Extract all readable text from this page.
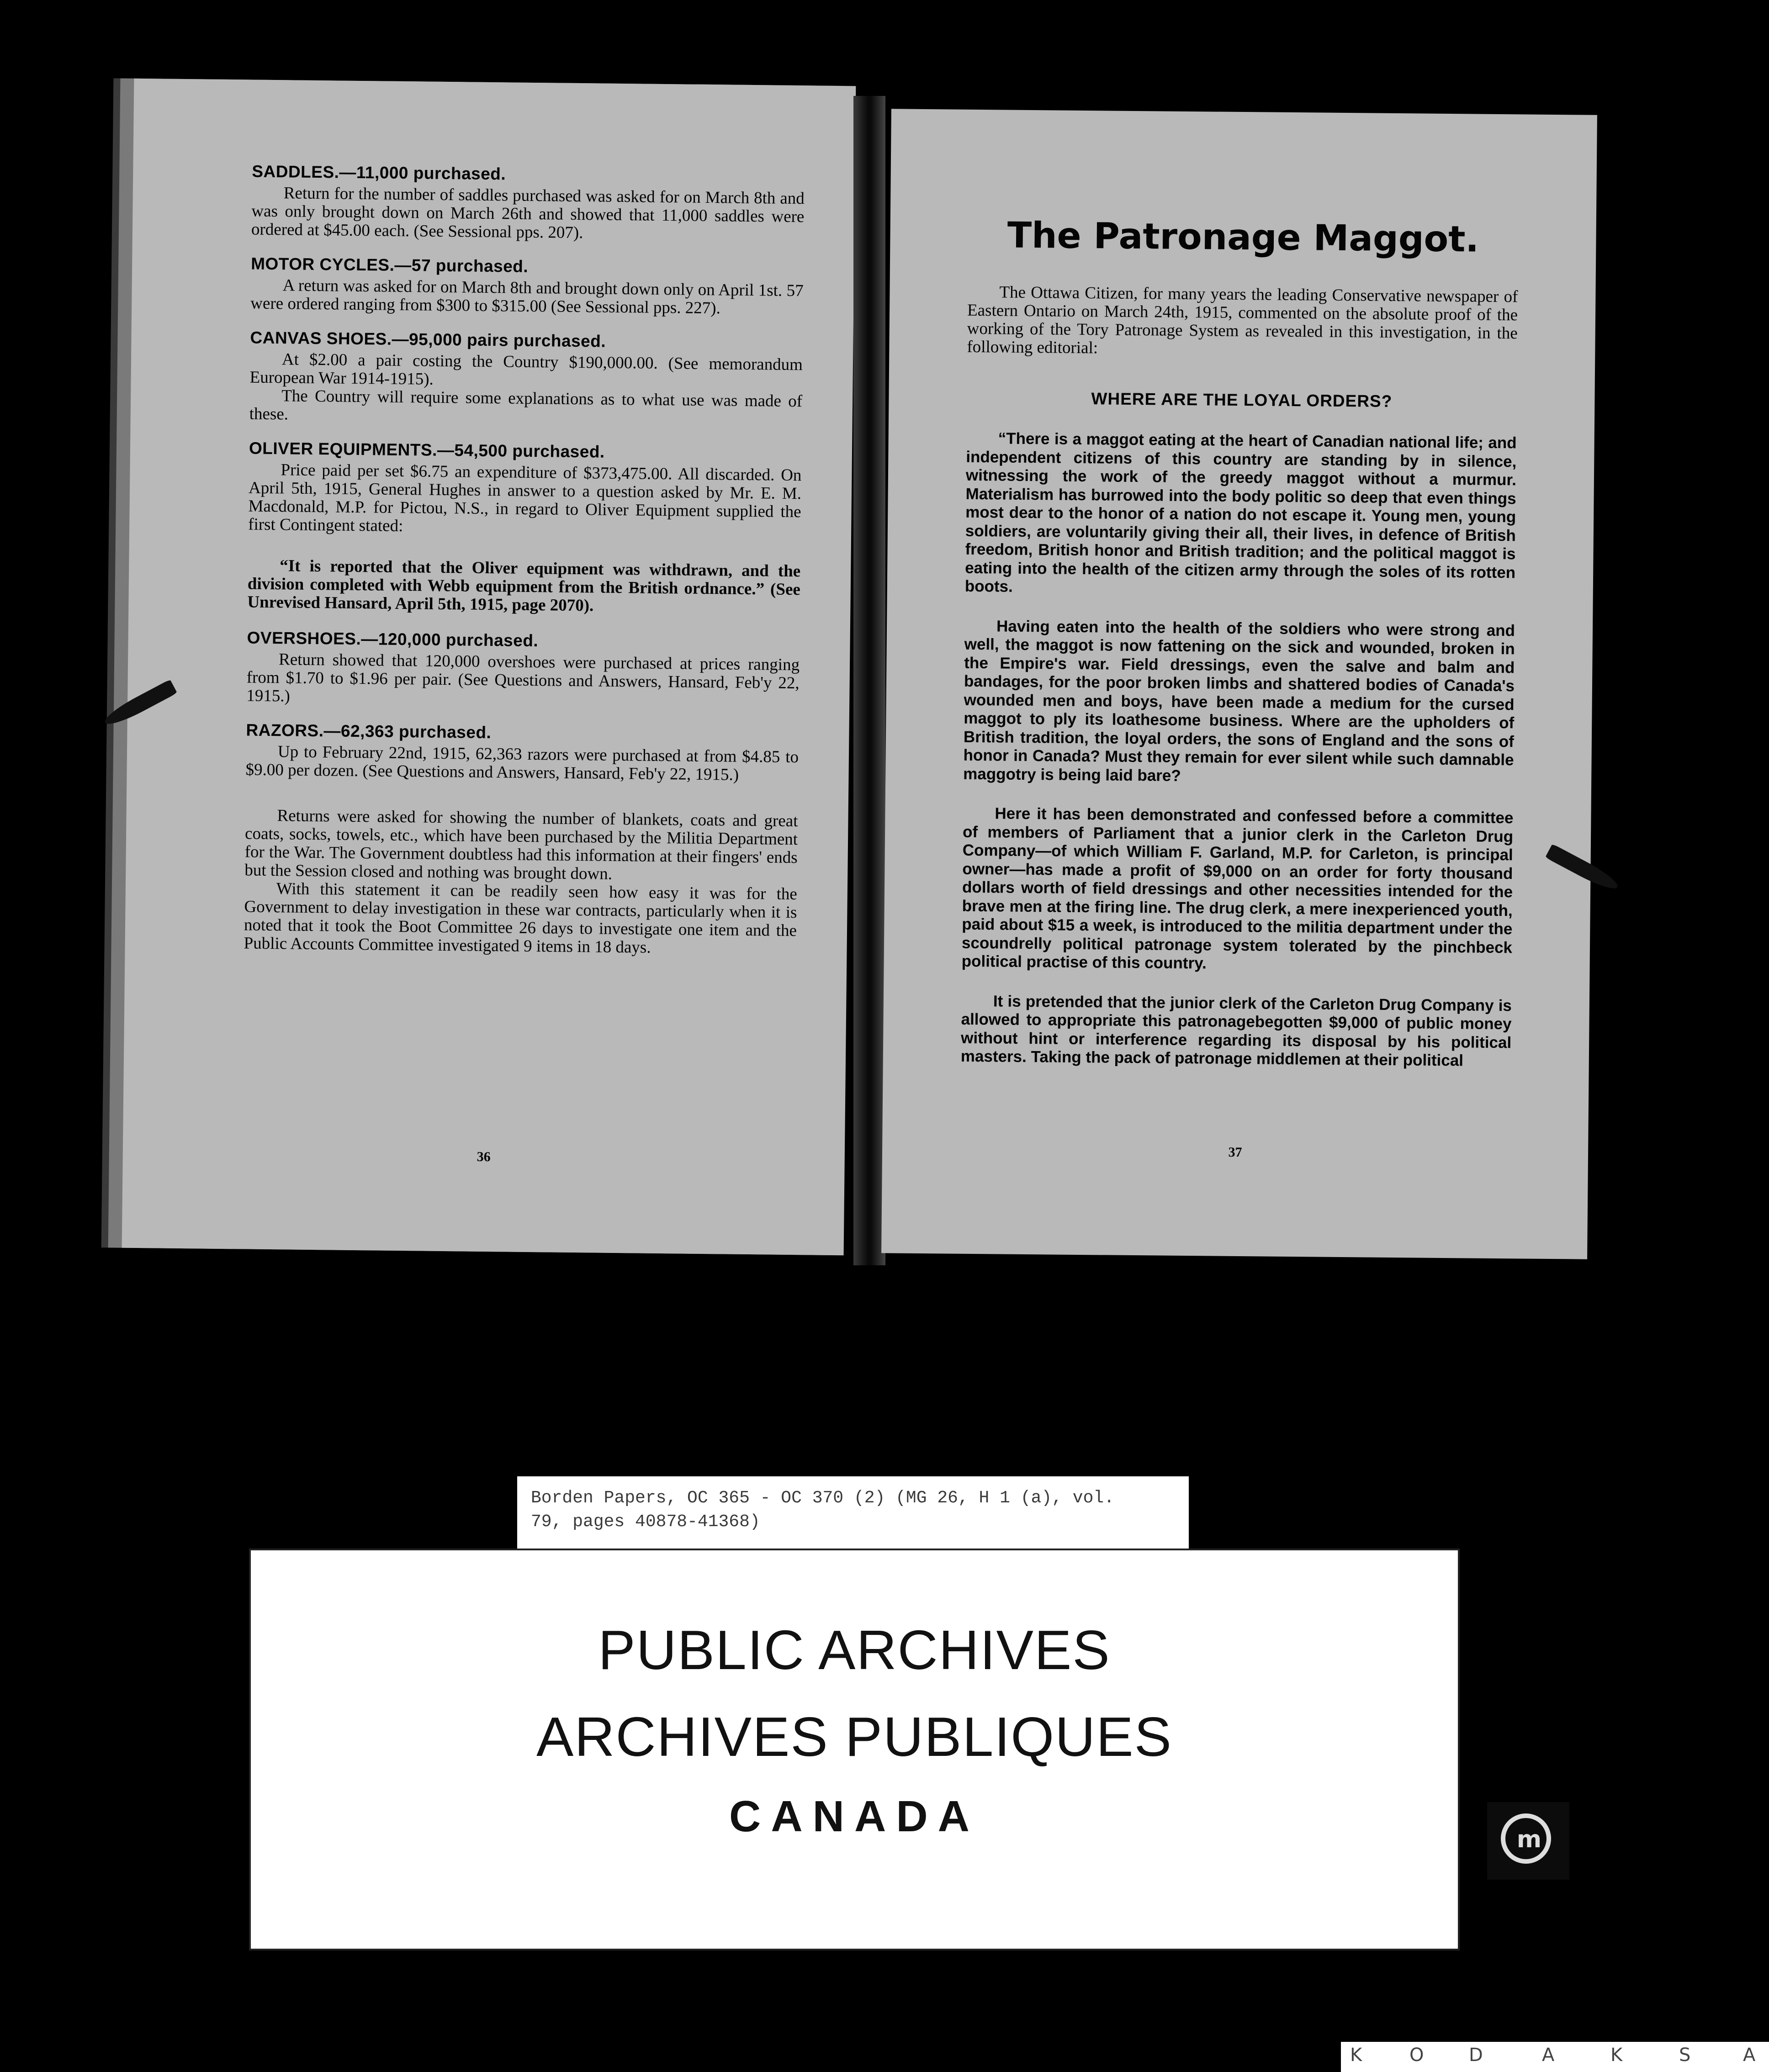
SADDLES.—11,000 purchased.

Return for the number of saddles purchased was asked for on March 8th and was only brought down on March 26th and showed that 11,000 saddles were ordered at $45.00 each. (See Sessional pps. 207).

MOTOR CYCLES.—57 purchased.

A return was asked for on March 8th and brought down only on April 1st. 57 were ordered ranging from $300 to $315.00 (See Sessional pps. 227).

CANVAS SHOES.—95,000 pairs purchased.

At $2.00 a pair costing the Country $190,000.00. (See memorandum European War 1914-1915).

The Country will require some explanations as to what use was made of these.

OLIVER EQUIPMENTS.—54,500 purchased.

Price paid per set $6.75 an expenditure of $373,475.00. All discarded. On April 5th, 1915, General Hughes in answer to a question asked by Mr. E. M. Macdonald, M.P. for Pictou, N.S., in regard to Oliver Equipment supplied the first Contingent stated:

“It is reported that the Oliver equipment was withdrawn, and the division completed with Webb equipment from the British ordnance.” (See Unrevised Hansard, April 5th, 1915, page 2070).

OVERSHOES.—120,000 purchased.

Return showed that 120,000 overshoes were purchased at prices ranging from $1.70 to $1.96 per pair. (See Questions and Answers, Hansard, Feb'y 22, 1915.)

RAZORS.—62,363 purchased.

Up to February 22nd, 1915, 62,363 razors were purchased at from $4.85 to $9.00 per dozen. (See Questions and Answers, Hansard, Feb'y 22, 1915.)

Returns were asked for showing the number of blankets, coats and great coats, socks, towels, etc., which have been purchased by the Militia Department for the War. The Government doubtless had this information at their fingers' ends but the Session closed and nothing was brought down.

With this statement it can be readily seen how easy it was for the Government to delay investigation in these war contracts, particularly when it is noted that it took the Boot Committee 26 days to investigate one item and the Public Accounts Committee investigated 9 items in 18 days.

36
The Patronage Maggot.

The Ottawa Citizen, for many years the leading Conservative newspaper of Eastern Ontario on March 24th, 1915, commented on the absolute proof of the working of the Tory Patronage System as revealed in this investigation, in the following editorial:

WHERE ARE THE LOYAL ORDERS?

“There is a maggot eating at the heart of Canadian national life; and independent citizens of this country are standing by in silence, witnessing the work of the greedy maggot without a murmur. Materialism has burrowed into the body politic so deep that even things most dear to the honor of a nation do not escape it. Young men, young soldiers, are voluntarily giving their all, their lives, in defence of British freedom, British honor and British tradition; and the political maggot is eating into the health of the citizen army through the soles of its rotten boots.

Having eaten into the health of the soldiers who were strong and well, the maggot is now fattening on the sick and wounded, broken in the Empire's war. Field dressings, even the salve and balm and bandages, for the poor broken limbs and shattered bodies of Canada's wounded men and boys, have been made a medium for the cursed maggot to ply its loathesome business. Where are the upholders of British tradition, the loyal orders, the sons of England and the sons of honor in Canada? Must they remain for ever silent while such damnable maggotry is being laid bare?

Here it has been demonstrated and confessed before a committee of members of Parliament that a junior clerk in the Carleton Drug Company—of which William F. Garland, M.P. for Carleton, is principal owner—has made a profit of $9,000 on an order for forty thousand dollars worth of field dressings and other necessities intended for the brave men at the firing line. The drug clerk, a mere inexperienced youth, paid about $15 a week, is introduced to the militia department under the scoundrelly political patronage system tolerated by the pinchbeck political practise of this country.

It is pretended that the junior clerk of the Carleton Drug Company is allowed to appropriate this patronagebegotten $9,000 of public money without hint or interference regarding its disposal by his political masters. Taking the pack of patronage middlemen at their political

37
Borden Papers, OC 365 - OC 370 (2) (MG 26, H 1 (a), vol.
79, pages 40878-41368)
PUBLIC ARCHIVES
ARCHIVES PUBLIQUES
CANADA	m
K	O D	A	K	S	A
